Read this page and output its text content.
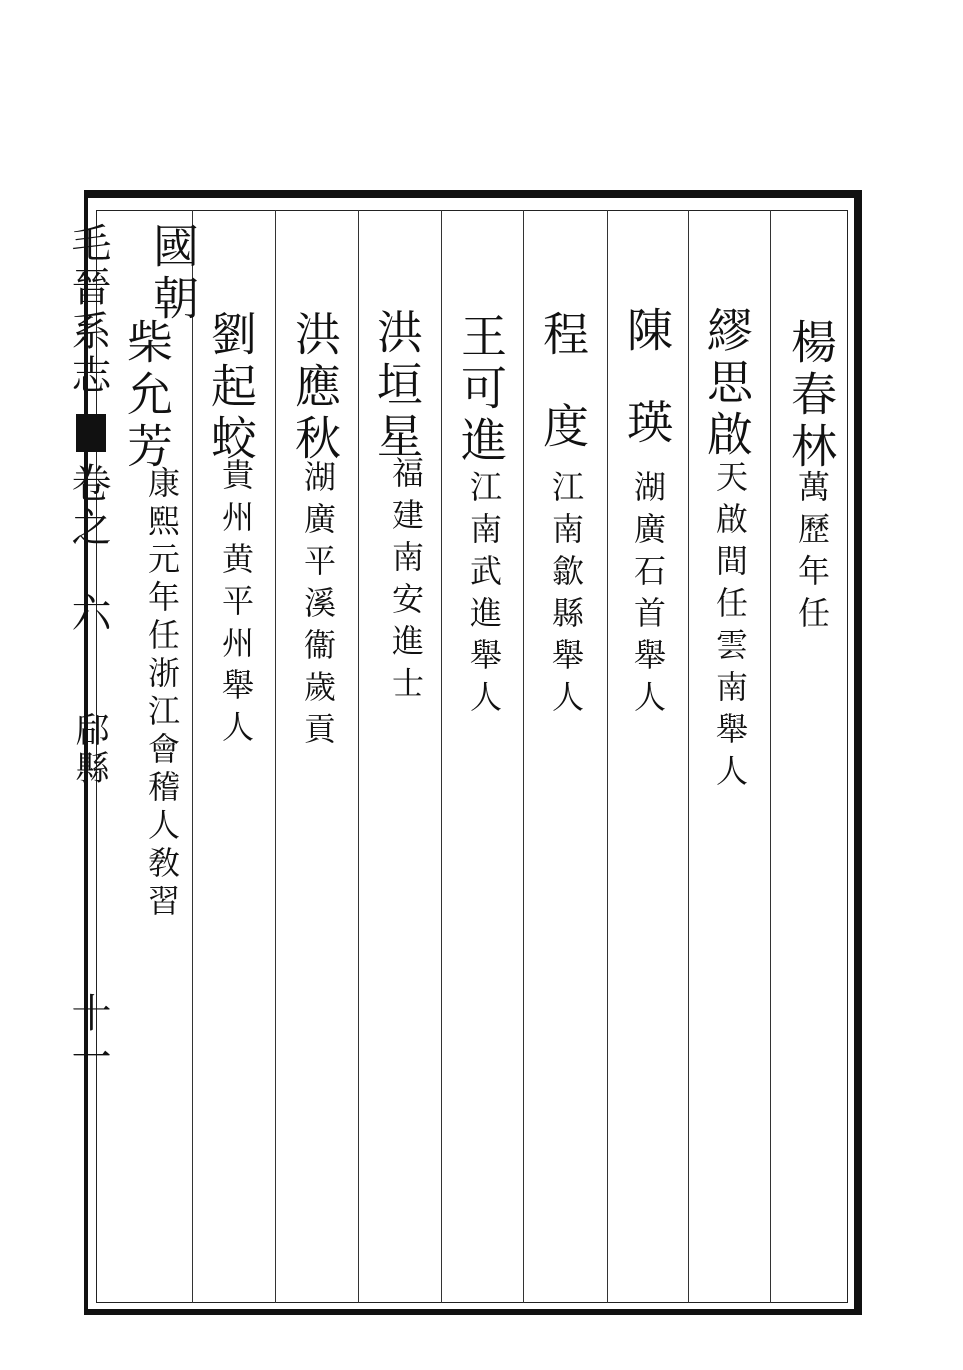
毛晉系志
卷之
六
郈縣
十一
楊春林
萬歷年任
繆思啟
天啟間任雲南舉人
陳瑛
湖廣石首舉人
程度
江南歙縣舉人
王可進
江南武進舉人
洪垣星
福建南安進士
洪應秋
湖廣平溪衞歲貢
劉起蛟
貴州黄平州舉人
國朝
柴允芳
康熙元年任浙江會稽人敎習
